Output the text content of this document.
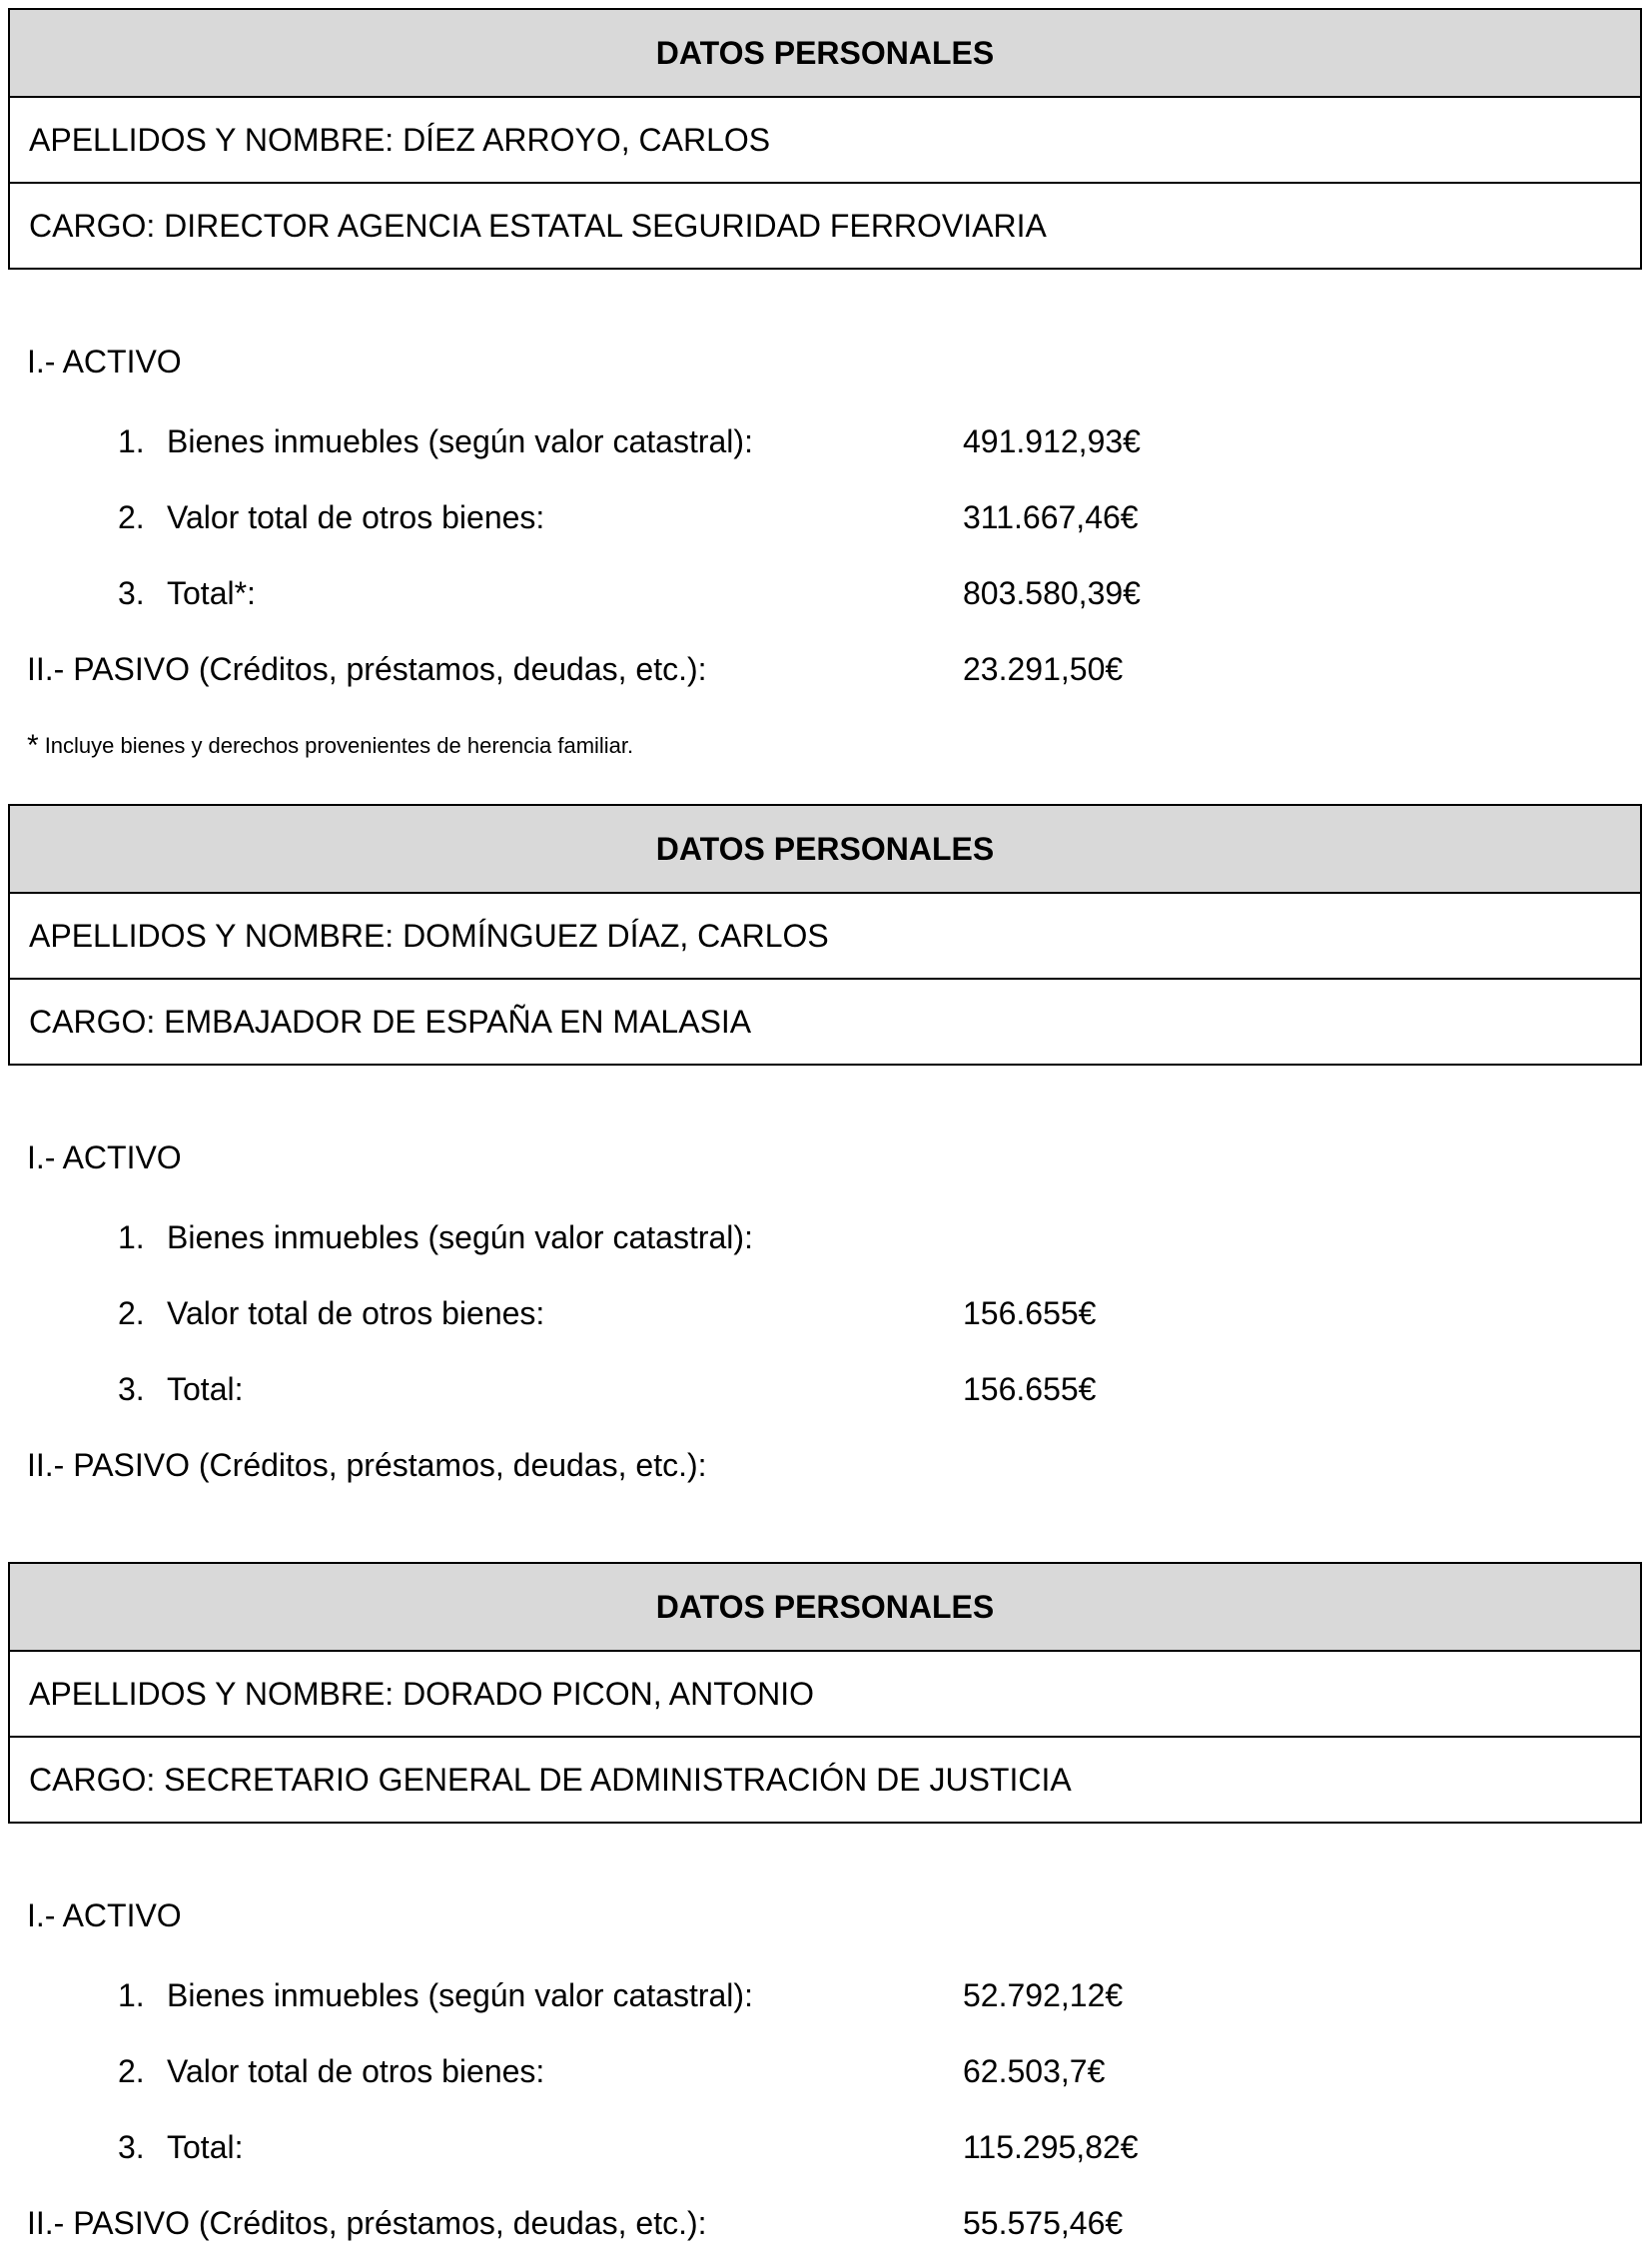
DATOS PERSONALES
APELLIDOS Y NOMBRE: DÍEZ ARROYO, CARLOS
CARGO: DIRECTOR AGENCIA ESTATAL SEGURIDAD FERROVIARIA
I.- ACTIVO
1. Bienes inmuebles (según valor catastral):	491.912,93€
2. Valor total de otros bienes:	311.667,46€
3. Total*:	803.580,39€
II.- PASIVO (Créditos, préstamos, deudas, etc.):	23.291,50€
* Incluye bienes y derechos provenientes de herencia familiar.
DATOS PERSONALES
APELLIDOS Y NOMBRE: DOMÍNGUEZ DÍAZ, CARLOS
CARGO: EMBAJADOR DE ESPAÑA EN MALASIA
I.- ACTIVO
1. Bienes inmuebles (según valor catastral):
2. Valor total de otros bienes:	156.655€
3. Total:	156.655€
II.- PASIVO (Créditos, préstamos, deudas, etc.):
DATOS PERSONALES
APELLIDOS Y NOMBRE: DORADO PICON, ANTONIO
CARGO: SECRETARIO GENERAL DE ADMINISTRACIÓN DE JUSTICIA
I.- ACTIVO
1. Bienes inmuebles (según valor catastral):	52.792,12€
2. Valor total de otros bienes:	62.503,7€
3. Total:	115.295,82€
II.- PASIVO (Créditos, préstamos, deudas, etc.):	55.575,46€
